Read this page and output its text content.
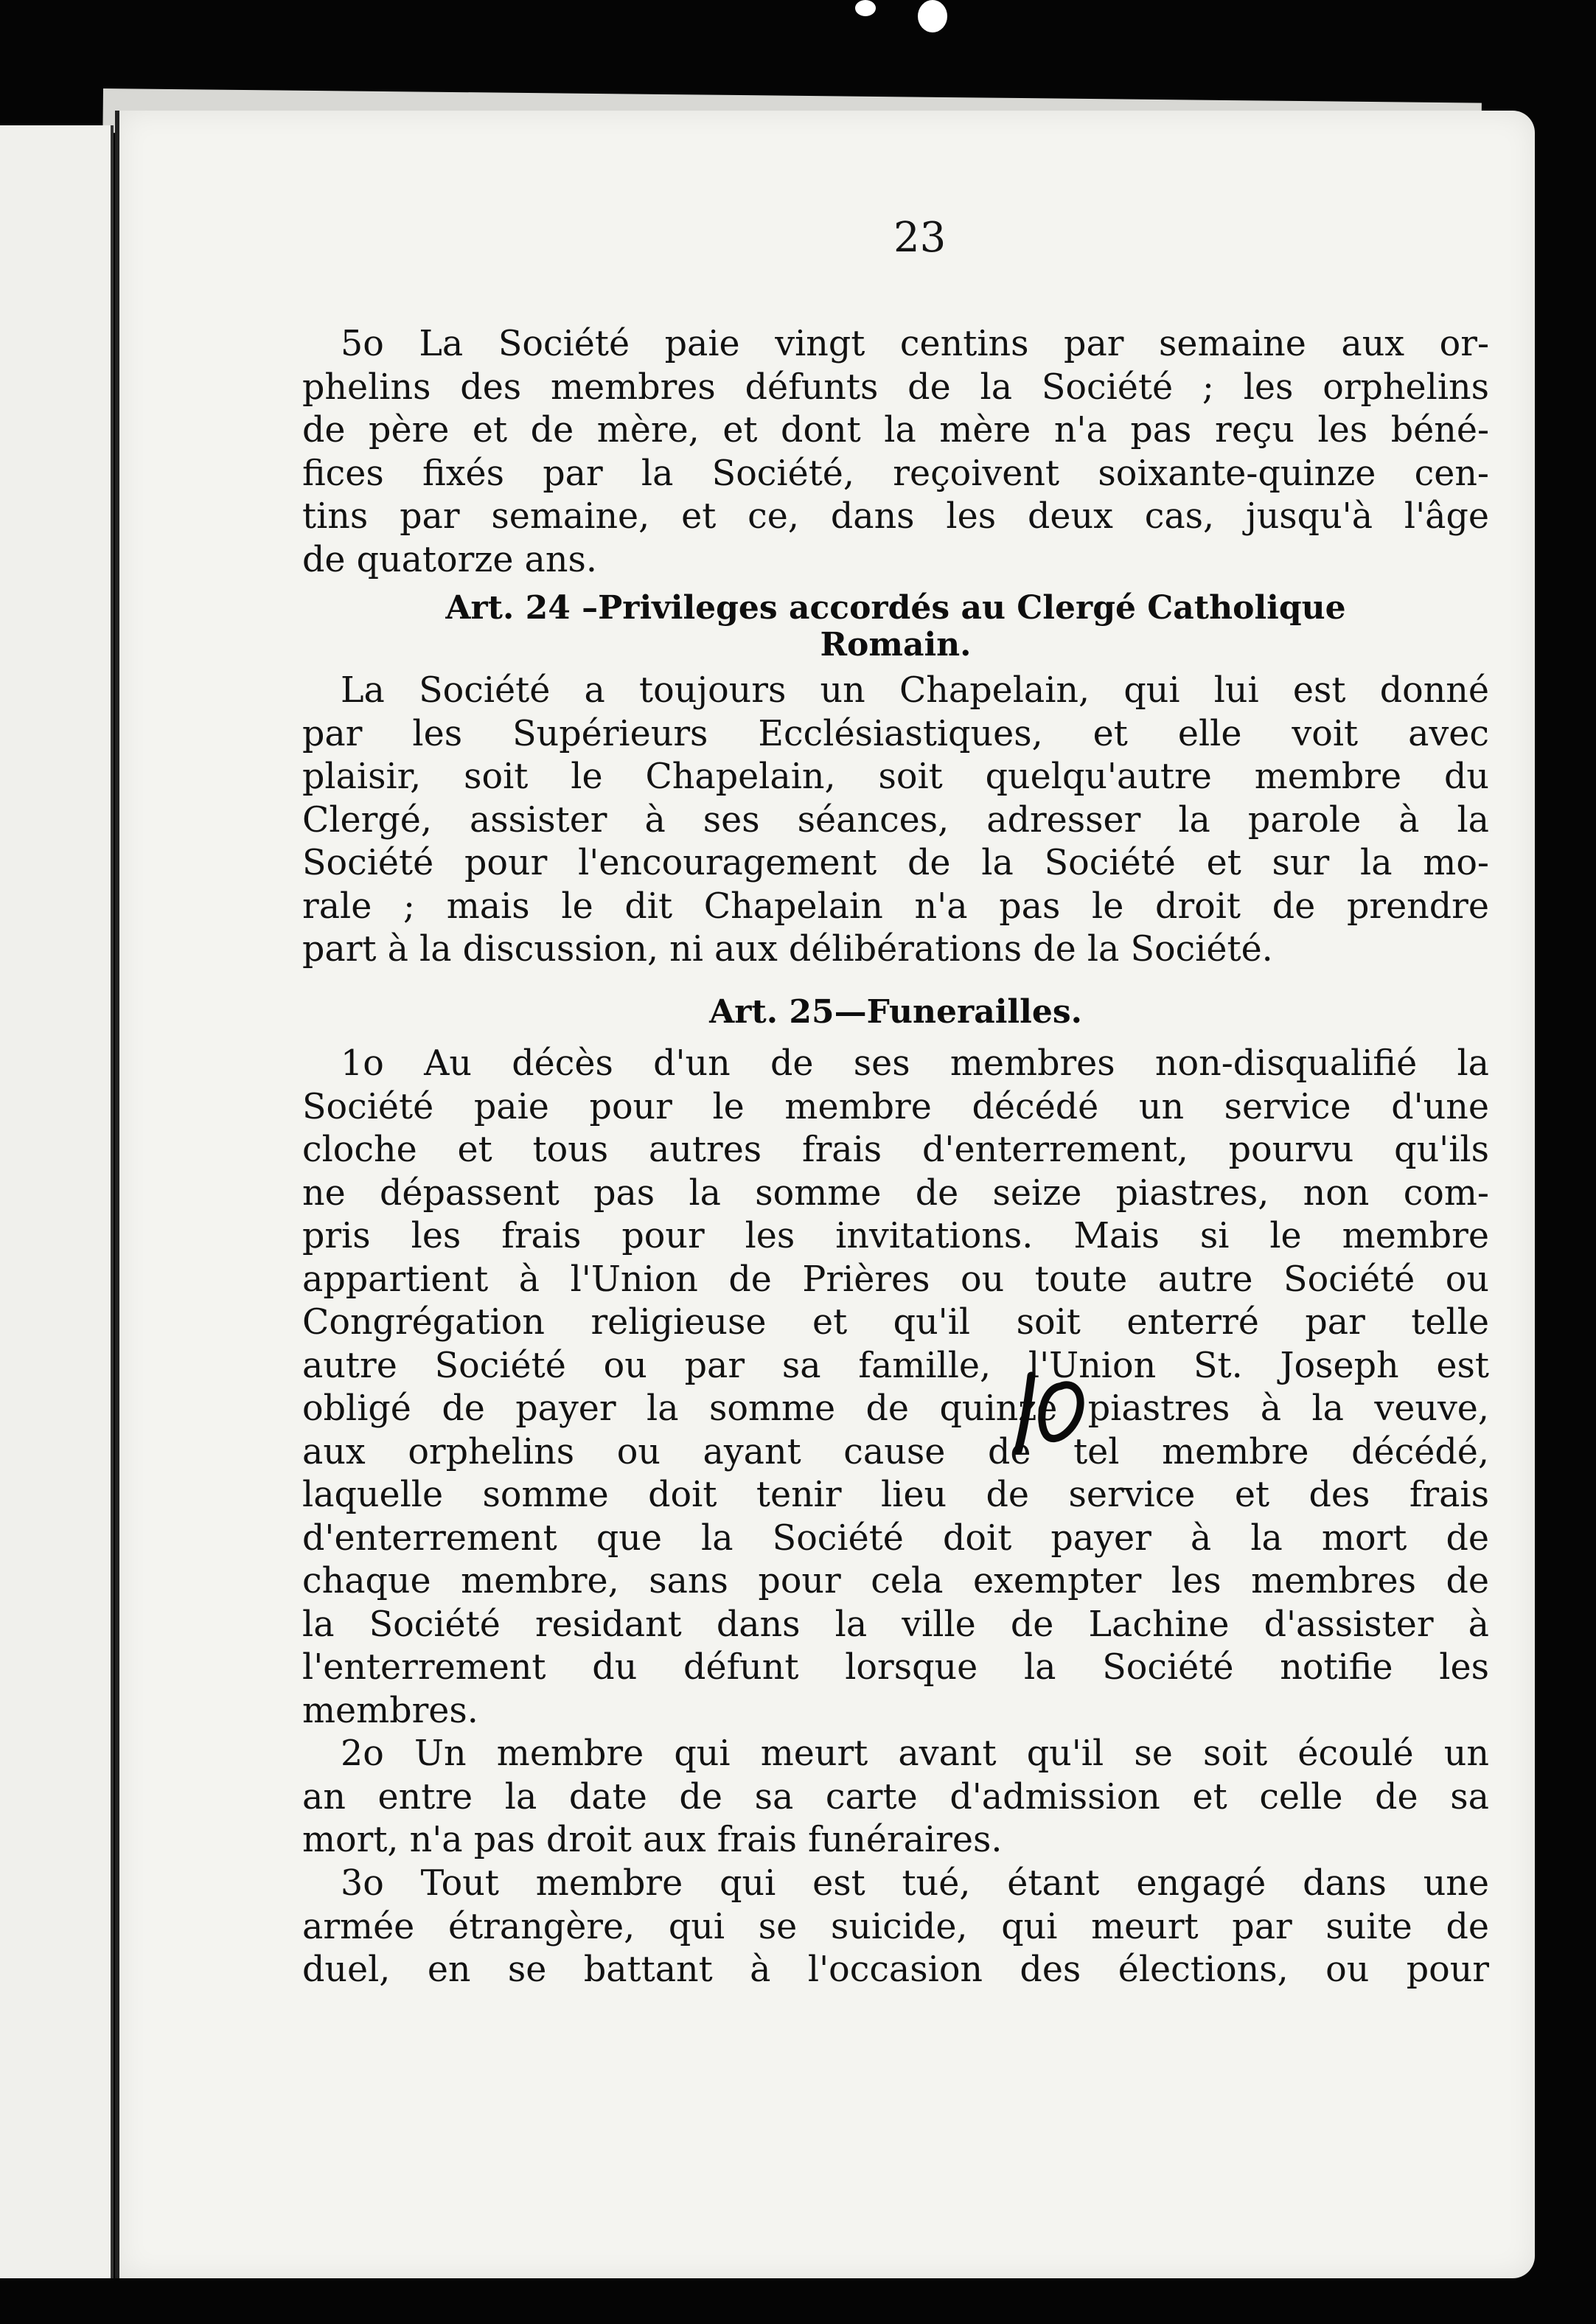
23
5o La Société paie vingt centins par semaine aux or-
phelins des membres défunts de la Société ; les orphelins
de père et de mère, et dont la mère n'a pas reçu les béné-
fices fixés par la Société, reçoivent soixante-quinze cen-
tins par semaine, et ce, dans les deux cas, jusqu'à l'âge
de quatorze ans.
Art. 24 –Privileges accordés au Clergé Catholique
Romain.
La Société a toujours un Chapelain, qui lui est donné
par les Supérieurs Ecclésiastiques, et elle voit avec
plaisir, soit le Chapelain, soit quelqu'autre membre du
Clergé, assister à ses séances, adresser la parole à la
Société pour l'encouragement de la Société et sur la mo-
rale ; mais le dit Chapelain n'a pas le droit de prendre
part à la discussion, ni aux délibérations de la Société.
Art. 25—Funerailles.
1o Au décès d'un de ses membres non-disqualifié la
Société paie pour le membre décédé un service d'une
cloche et tous autres frais d'enterrement, pourvu qu'ils
ne dépassent pas la somme de seize piastres, non com-
pris les frais pour les invitations. Mais si le membre
appartient à l'Union de Prières ou toute autre Société ou
Congrégation religieuse et qu'il soit enterré par telle
autre Société ou par sa famille, l'Union St. Joseph est
obligé de payer la somme de quinze piastres à la veuve,
aux orphelins ou ayant cause de tel membre décédé,
laquelle somme doit tenir lieu de service et des frais
d'enterrement que la Société doit payer à la mort de
chaque membre, sans pour cela exempter les membres de
la Société residant dans la ville de Lachine d'assister à
l'enterrement du défunt lorsque la Société notifie les
membres.
2o Un membre qui meurt avant qu'il se soit écoulé un
an entre la date de sa carte d'admission et celle de sa
mort, n'a pas droit aux frais funéraires.
3o Tout membre qui est tué, étant engagé dans une
armée étrangère, qui se suicide, qui meurt par suite de
duel, en se battant à l'occasion des élections, ou pour
